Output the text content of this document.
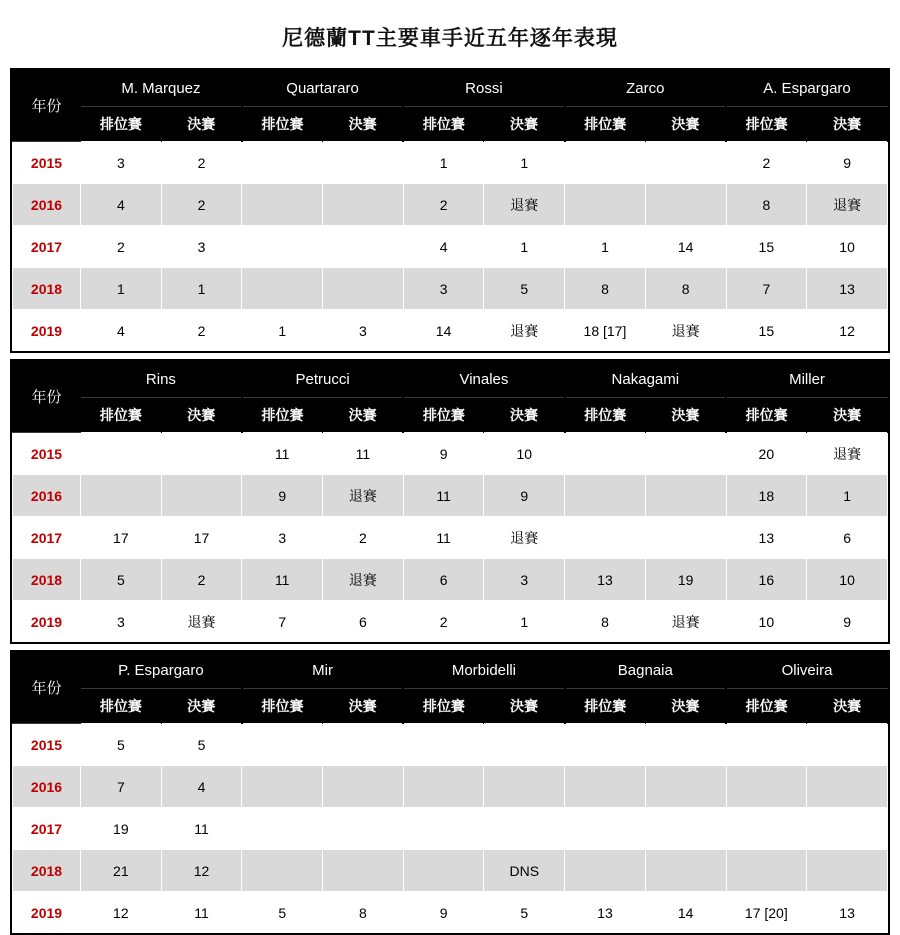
尼德蘭TT主要車手近五年逐年表現
年份	M. Marquez		Quartararo		Rossi		Zarco		A. Espargaro	
	排位賽	決賽	排位賽	決賽	排位賽	決賽	排位賽	決賽	排位賽	決賽
2015	3	2			1	1			2	9
2016	4	2			2	退賽			8	退賽
2017	2	3			4	1	1	14	15	10
2018	1	1			3	5	8	8	7	13
2019	4	2	1	3	14	退賽	18 [17]	退賽	15	12
年份	Rins		Petrucci		Vinales		Nakagami		Miller	
	排位賽	決賽	排位賽	決賽	排位賽	決賽	排位賽	決賽	排位賽	決賽
2015			11	11	9	10			20	退賽
2016			9	退賽	11	9			18	1
2017	17	17	3	2	11	退賽			13	6
2018	5	2	11	退賽	6	3	13	19	16	10
2019	3	退賽	7	6	2	1	8	退賽	10	9
年份	P. Espargaro		Mir		Morbidelli		Bagnaia		Oliveira	
	排位賽	決賽	排位賽	決賽	排位賽	決賽	排位賽	決賽	排位賽	決賽
2015	5	5								
2016	7	4								
2017	19	11								
2018	21	12				DNS				
2019	12	11	5	8	9	5	13	14	17 [20]	13
